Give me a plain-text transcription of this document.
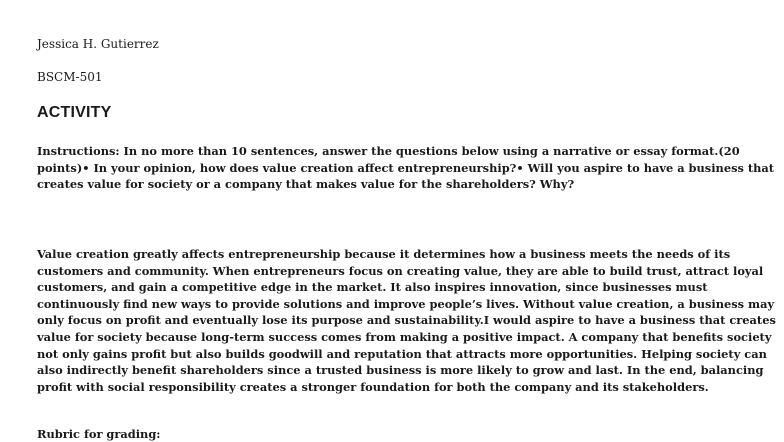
Jessica H. Gutierrez
BSCM-501
ACTIVITY

Instructions: In no more than 10 sentences, answer the questions below using a narrative or essay format.(20 points)• In your opinion, how does value creation affect entrepreneurship?• Will you aspire to have a business that creates value for society or a company that makes value for the shareholders? Why?

Value creation greatly affects entrepreneurship because it determines how a business meets the needs of its customers and community. When entrepreneurs focus on creating value, they are able to build trust, attract loyal customers, and gain a competitive edge in the market. It also inspires innovation, since businesses must continuously find new ways to provide solutions and improve people’s lives. Without value creation, a business may only focus on profit and eventually lose its purpose and sustainability.I would aspire to have a business that creates value for society because long-term success comes from making a positive impact. A company that benefits society not only gains profit but also builds goodwill and reputation that attracts more opportunities. Helping society can also indirectly benefit shareholders since a trusted business is more likely to grow and last. In the end, balancing profit with social responsibility creates a stronger foundation for both the company and its stakeholders.

Rubric for grading:
